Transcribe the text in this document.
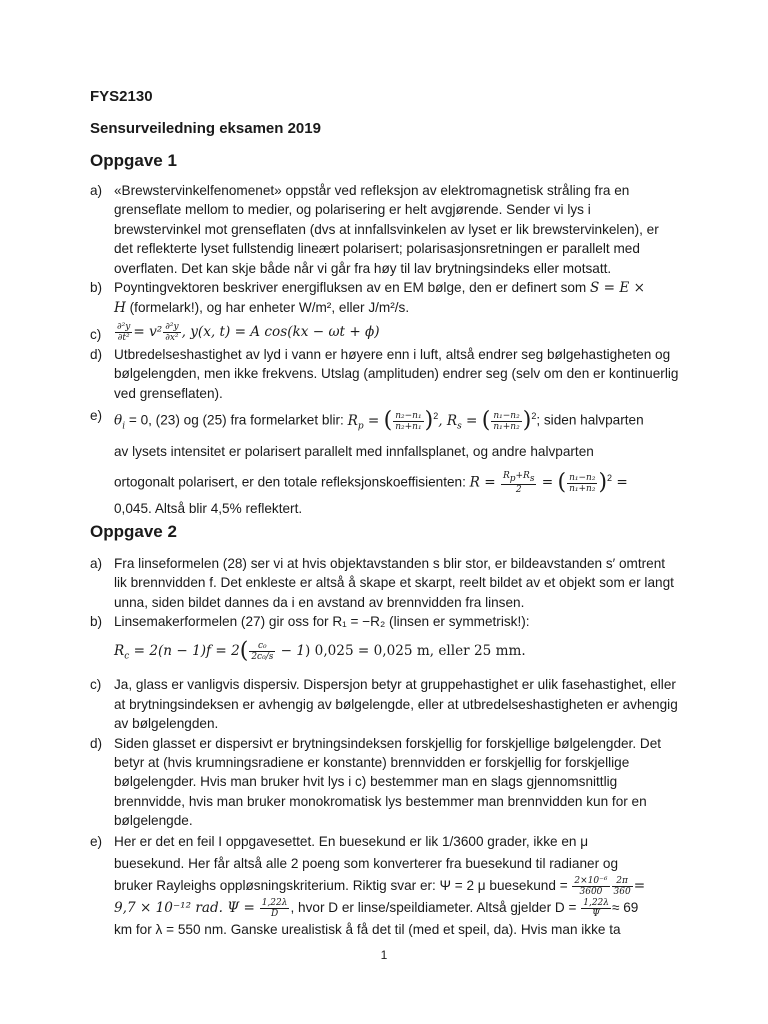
FYS2130
Sensurveiledning eksamen 2019
Oppgave 1

a) «Brewstervinkelfenomenet» oppstår ved refleksjon av elektromagnetisk stråling fra en grenseflate mellom to medier, og polarisering er helt avgjørende. Sender vi lys i brewstervinkel mot grenseflaten (dvs at innfallsvinkelen av lyset er lik brewstervinkelen), er det reflekterte lyset fullstendig lineært polarisert; polarisasjonsretningen er parallelt med overflaten. Det kan skje både når vi går fra høy til lav brytningsindeks eller motsatt.

b) Poyntingvektoren beskriver energifluksen av en EM bølge, den er definert som S = E ×
H (formelark!), og har enheter W/m², eller J/m²/s.

$c) \frac{\text{∂²y}}{\text{∂t²}} = v^2 \frac{\text{∂²y}}{\text{∂x²}}$ , y(x, t) = A cos(kx − ωt + ϕ)

d) Utbredelseshastighet av lyd i vann er høyere enn i luft, altså endrer seg bølgehastigheten og bølgelengden, men ikke frekvens. Utslag (amplituden) endrer seg (selv om den er kontinuerlig ved grenseflaten).

e) $\theta_i = 0$, (23) og (25) fra formelarket blir: $R_p$ = ( $\frac{\text{n₂−n₁}}{\text{n₂+n₁}} )^2$, $R_s$ = ( $\frac{\text{n₁−n₂}}{\text{n₁+n₂}} )^2$; siden halvparten
av lysets intensitet er polarisert parallelt med innfallsplanet, og andre halvparten
ortogonalt polarisert, er den totale refleksjonskoeffisienten: $R = \frac{Rp+Rs}{2}$ = ( $\frac{\text{n₁−n₂}}{\text{n₁+n₂}} )^2$ =
0,045. Altså blir 4,5% reflektert.

Oppgave 2

a) Fra linseformelen (28) ser vi at hvis objektavstanden s blir stor, er bildeavstanden s′ omtrent lik brennvidden f. Det enkleste er altså å skape et skarpt, reelt bildet av et objekt som er langt unna, siden bildet dannes da i en avstand av brennvidden fra linsen.

b) Linsemakerformelen (27) gir oss for R₁ = −R₂ (linsen er symmetrisk!):
$R_c = 2(n - 1)f = 2( \frac{\text{c₀}}{\text{2c₀/s}} - 1) 0,025 = 0,025$ m, eller 25 mm.

c) Ja, glass er vanligvis dispersiv. Dispersjon betyr at gruppehastighet er ulik fasehastighet, eller at brytningsindeksen er avhengig av bølgelengde, eller at utbredelseshastigheten er avhengig av bølgelengden.

d) Siden glasset er dispersivt er brytningsindeksen forskjellig for forskjellige bølgelengder. Det betyr at (hvis krumningsradiene er konstante) brennvidden er forskjellig for forskjellige bølgelengder. Hvis man bruker hvit lys i c) bestemmer man en slags gjennomsnittlig brennvidde, hvis man bruker monokromatisk lys bestemmer man brennvidden kun for en bølgelengde.

e) Her er det en feil I oppgavesettet. En buesekund er lik 1/3600 grader, ikke en μ
buesekund. Her får altså alle 2 poeng som konverterer fra buesekund til radianer og
bruker Rayleighs oppløsningskriterium. Riktig svar er: Ψ = 2 μ buesekund = $\frac{\text{2×10⁻⁶}}{3600} \frac{2\pi}{360}$ =
9,7 × 10⁻¹² rad. $\Psi = \frac{1,22\lambda}{D}$ , hvor D er linse/speildiameter. Altså gjelder $D = \frac{1,22\lambda}{\Psi} \approx 69$
km for λ = 550 nm. Ganske urealistisk å få det til (med et speil, da). Hvis man ikke ta

1
